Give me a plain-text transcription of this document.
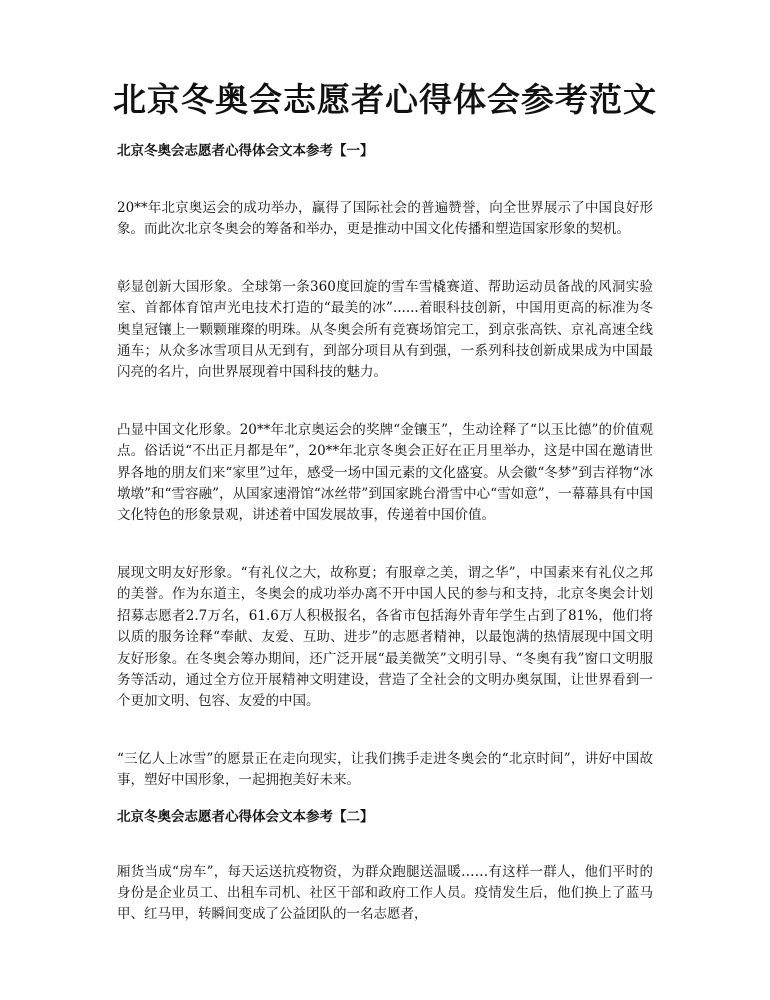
北京冬奥会志愿者心得体会参考范文

北京冬奥会志愿者心得体会文本参考【一】

20**年北京奥运会的成功举办，赢得了国际社会的普遍赞誉，向全世界展示了中国良好形象。而此次北京冬奥会的筹备和举办，更是推动中国文化传播和塑造国家形象的契机。

彰显创新大国形象。全球第一条360度回旋的雪车雪橇赛道、帮助运动员备战的风洞实验室、首都体育馆声光电技术打造的“最美的冰”......着眼科技创新，中国用更高的标准为冬奥皇冠镶上一颗颗璀璨的明珠。从冬奥会所有竞赛场馆完工，到京张高铁、京礼高速全线通车；从众多冰雪项目从无到有，到部分项目从有到强，一系列科技创新成果成为中国最闪亮的名片，向世界展现着中国科技的魅力。

凸显中国文化形象。20**年北京奥运会的奖牌“金镶玉”，生动诠释了“以玉比德”的价值观点。俗话说“不出正月都是年”，20**年北京冬奥会正好在正月里举办，这是中国在邀请世界各地的朋友们来“家里”过年，感受一场中国元素的文化盛宴。从会徽“冬梦”到吉祥物“冰墩墩”和“雪容融”，从国家速滑馆“冰丝带”到国家跳台滑雪中心“雪如意”，一幕幕具有中国文化特色的形象景观，讲述着中国发展故事，传递着中国价值。

展现文明友好形象。“有礼仪之大，故称夏；有服章之美，谓之华”，中国素来有礼仪之邦的美誉。作为东道主，冬奥会的成功举办离不开中国人民的参与和支持，北京冬奥会计划招募志愿者2.7万名，61.6万人积极报名，各省市包括海外青年学生占到了81%，他们将以质的服务诠释“奉献、友爱、互助、进步”的志愿者精神，以最饱满的热情展现中国文明友好形象。在冬奥会筹办期间，还广泛开展“最美微笑”文明引导、“冬奥有我”窗口文明服务等活动，通过全方位开展精神文明建设，营造了全社会的文明办奥氛围，让世界看到一个更加文明、包容、友爱的中国。

“三亿人上冰雪”的愿景正在走向现实，让我们携手走进冬奥会的“北京时间”，讲好中国故事，塑好中国形象，一起拥抱美好未来。

北京冬奥会志愿者心得体会文本参考【二】

厢货当成“房车”，每天运送抗疫物资，为群众跑腿送温暖……有这样一群人，他们平时的身份是企业员工、出租车司机、社区干部和政府工作人员。疫情发生后，他们换上了蓝马甲、红马甲，转瞬间变成了公益团队的一名志愿者，
